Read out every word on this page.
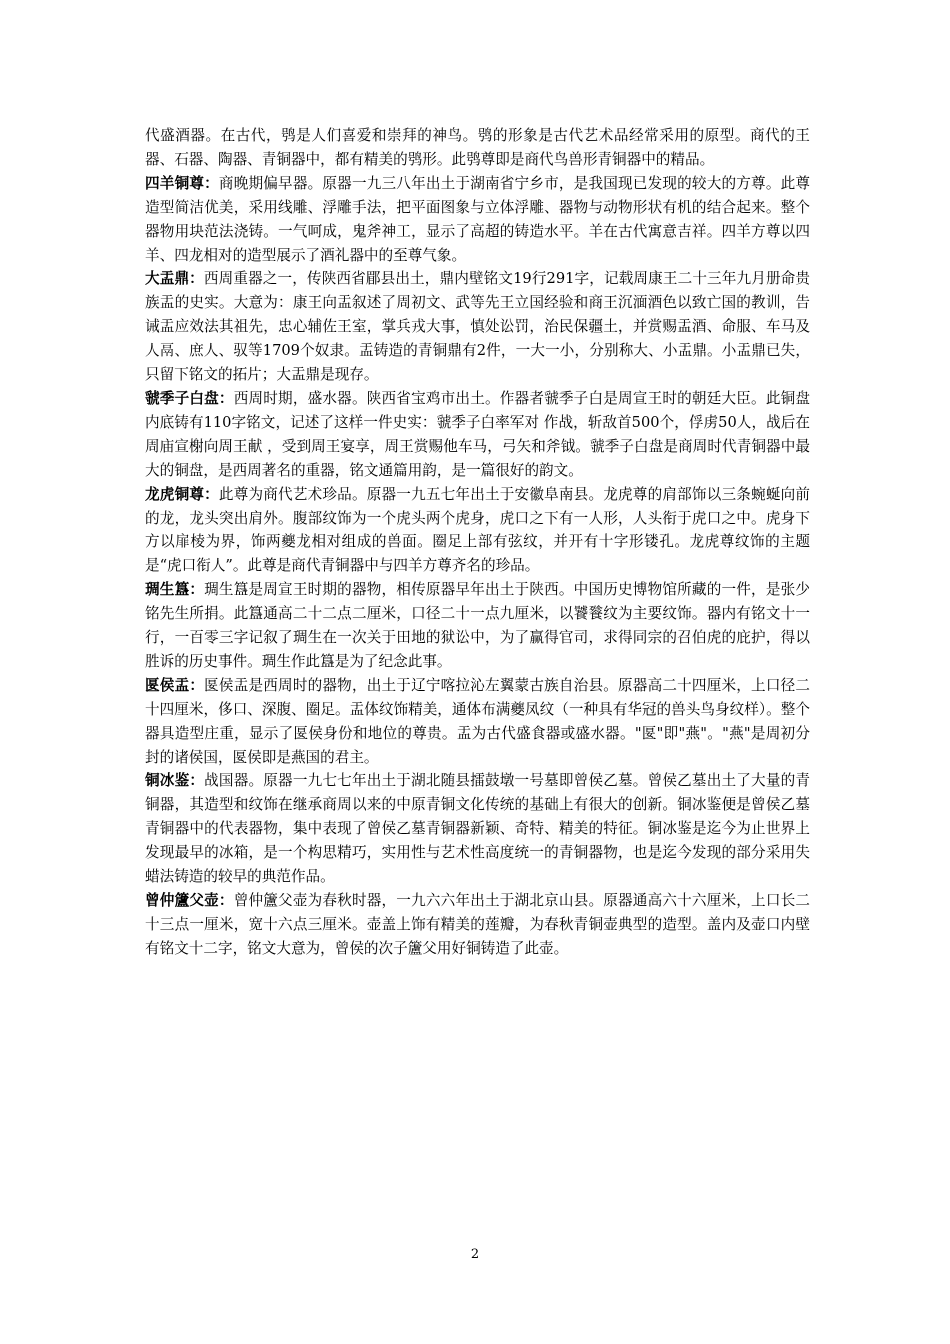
代盛酒器。在古代，鸮是人们喜爱和崇拜的神鸟。鸮的形象是古代艺术品经常采用的原型。商代的王器、石器、陶器、青铜器中，都有精美的鸮形。此鸮尊即是商代鸟兽形青铜器中的精品。

四羊铜尊：商晚期偏早器。原器一九三八年出土于湖南省宁乡市，是我国现已发现的较大的方尊。此尊造型简洁优美，采用线雕、浮雕手法，把平面图象与立体浮雕、器物与动物形状有机的结合起来。整个器物用块范法浇铸。一气呵成，鬼斧神工，显示了高超的铸造水平。羊在古代寓意吉祥。四羊方尊以四羊、四龙相对的造型展示了酒礼器中的至尊气象。

大盂鼎：西周重器之一，传陕西省郿县出土，鼎内壁铭文19行291字，记载周康王二十三年九月册命贵族盂的史实。大意为：康王向盂叙述了周初文、武等先王立国经验和商王沉湎酒色以致亡国的教训，告诫盂应效法其祖先，忠心辅佐王室，掌兵戎大事，慎处讼罚，治民保疆土，并赏赐盂酒、命服、车马及人鬲、庶人、驭等1709个奴隶。盂铸造的青铜鼎有2件，一大一小，分别称大、小盂鼎。小盂鼎已失，只留下铭文的拓片；大盂鼎是现存。

虢季子白盘：西周时期，盛水器。陕西省宝鸡市出土。作器者虢季子白是周宣王时的朝廷大臣。此铜盘内底铸有110字铭文，记述了这样一件史实：虢季子白率军对 作战，斩敌首500个，俘虏50人，战后在周庙宣榭向周王献 ，受到周王宴享，周王赏赐他车马，弓矢和斧钺。虢季子白盘是商周时代青铜器中最大的铜盘，是西周著名的重器，铭文通篇用韵，是一篇很好的韵文。

龙虎铜尊：此尊为商代艺术珍品。原器一九五七年出土于安徽阜南县。龙虎尊的肩部饰以三条蜿蜒向前的龙，龙头突出肩外。腹部纹饰为一个虎头两个虎身，虎口之下有一人形，人头衔于虎口之中。虎身下方以扉棱为界，饰两夔龙相对组成的兽面。圈足上部有弦纹，并开有十字形镂孔。龙虎尊纹饰的主题是“虎口衔人”。此尊是商代青铜器中与四羊方尊齐名的珍品。

琱生簋：琱生簋是周宣王时期的器物，相传原器早年出土于陕西。中国历史博物馆所藏的一件，是张少铭先生所捐。此簋通高二十二点二厘米，口径二十一点九厘米，以饕餮纹为主要纹饰。器内有铭文十一行，一百零三字记叙了琱生在一次关于田地的狱讼中，为了赢得官司，求得同宗的召伯虎的庇护，得以胜诉的历史事件。琱生作此簋是为了纪念此事。

匽侯盂：匽侯盂是西周时的器物，出土于辽宁喀拉沁左翼蒙古族自治县。原器高二十四厘米，上口径二十四厘米，侈口、深腹、圈足。盂体纹饰精美，通体布满夔凤纹（一种具有华冠的兽头鸟身纹样）。整个器具造型庄重，显示了匽侯身份和地位的尊贵。盂为古代盛食器或盛水器。"匽"即"燕"。"燕"是周初分封的诸侯国，匽侯即是燕国的君主。

铜冰鉴：战国器。原器一九七七年出土于湖北随县擂鼓墩一号墓即曾侯乙墓。曾侯乙墓出土了大量的青铜器，其造型和纹饰在继承商周以来的中原青铜文化传统的基础上有很大的创新。铜冰鉴便是曾侯乙墓青铜器中的代表器物，集中表现了曾侯乙墓青铜器新颖、奇特、精美的特征。铜冰鉴是迄今为止世界上发现最早的冰箱，是一个构思精巧，实用性与艺术性高度统一的青铜器物，也是迄今发现的部分采用失蜡法铸造的较早的典范作品。

曾仲籚父壶：曾仲籚父壶为春秋时器，一九六六年出土于湖北京山县。原器通高六十六厘米，上口长二十三点一厘米，宽十六点三厘米。壶盖上饰有精美的莲瓣，为春秋青铜壶典型的造型。盖内及壶口内壁有铭文十二字，铭文大意为，曾侯的次子籚父用好铜铸造了此壶。

2
